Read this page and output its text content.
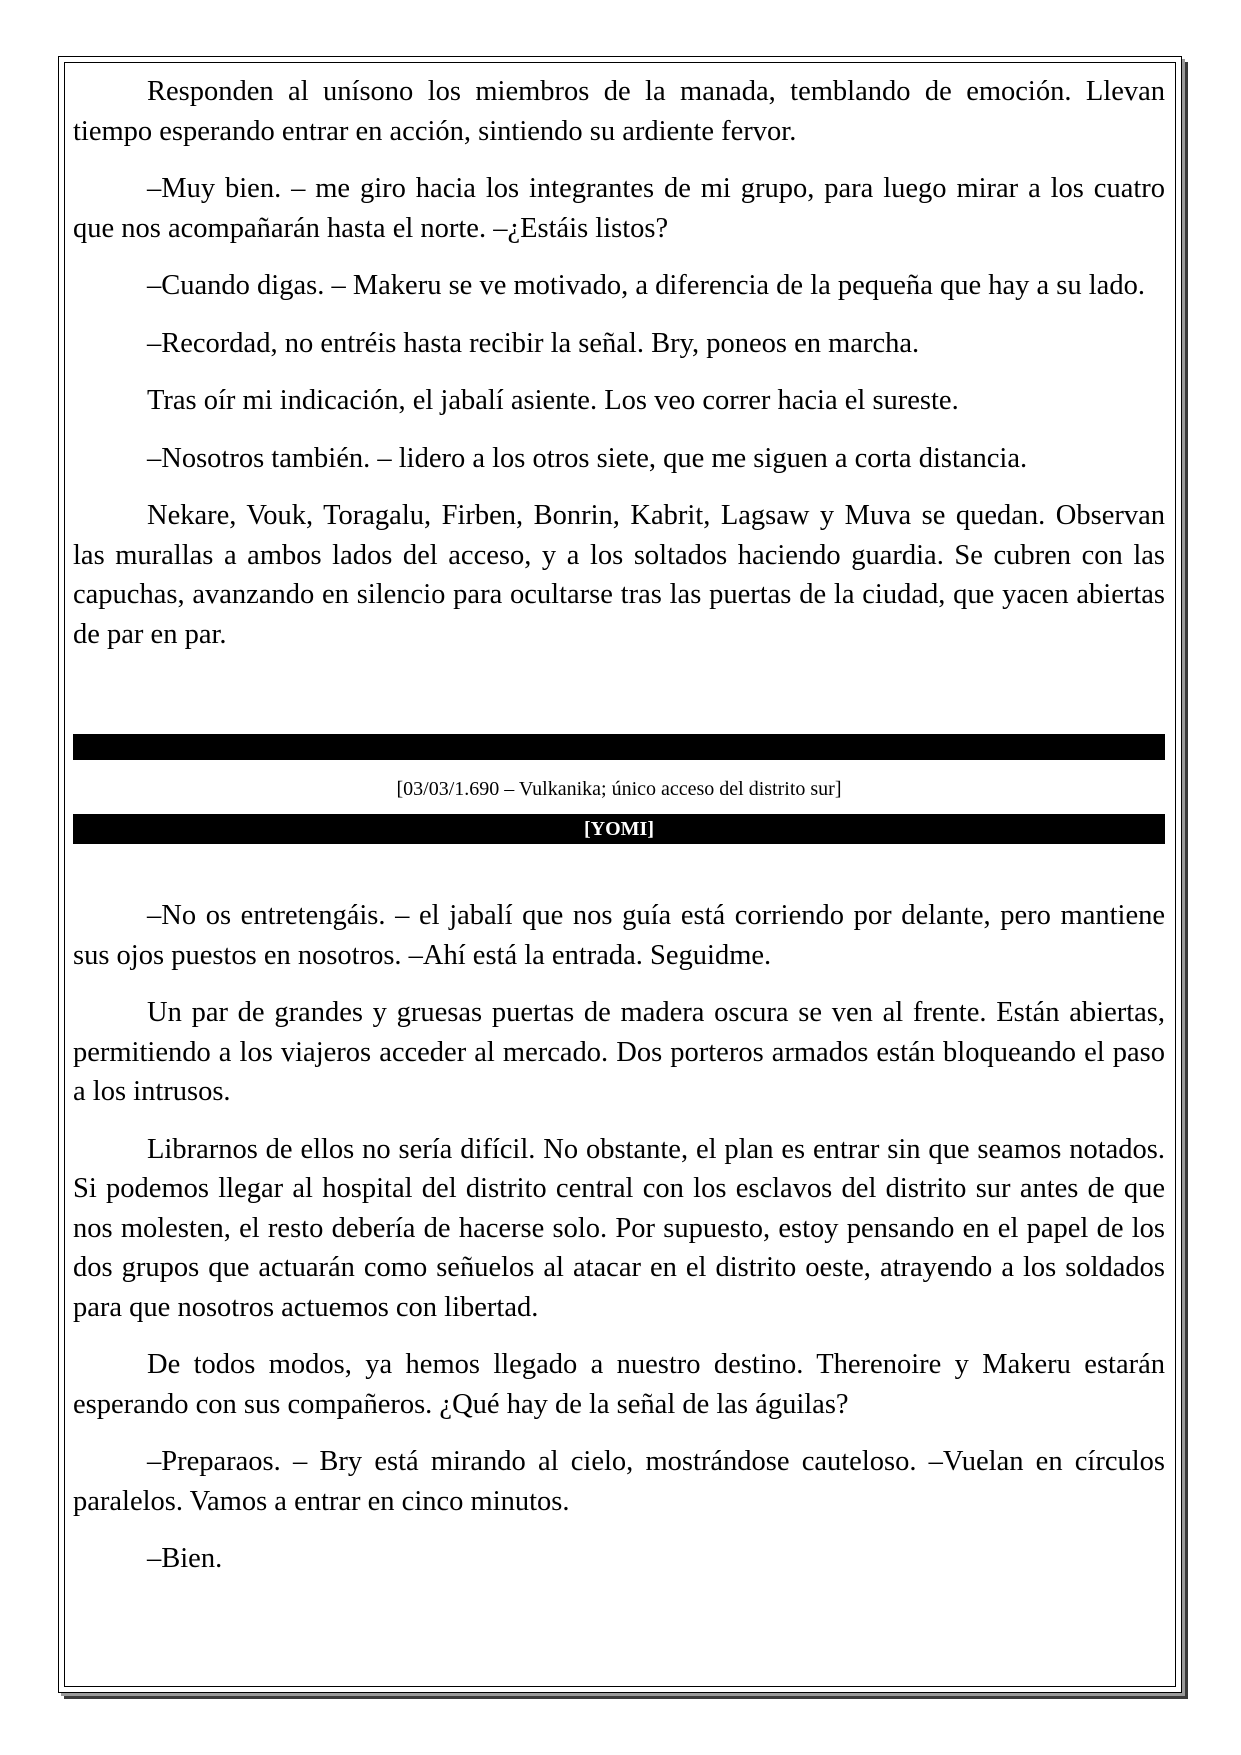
Responden al unísono los miembros de la manada, temblando de emoción. Llevan tiempo esperando entrar en acción, sintiendo su ardiente fervor.

–Muy bien. – me giro hacia los integrantes de mi grupo, para luego mirar a los cuatro que nos acompañarán hasta el norte. –¿Estáis listos?

–Cuando digas. – Makeru se ve motivado, a diferencia de la pequeña que hay a su lado.

–Recordad, no entréis hasta recibir la señal. Bry, poneos en marcha.

Tras oír mi indicación, el jabalí asiente. Los veo correr hacia el sureste.

–Nosotros también. – lidero a los otros siete, que me siguen a corta distancia.

Nekare, Vouk, Toragalu, Firben, Bonrin, Kabrit, Lagsaw y Muva se quedan. Observan las murallas a ambos lados del acceso, y a los soltados haciendo guardia. Se cubren con las capuchas, avanzando en silencio para ocultarse tras las puertas de la ciudad, que yacen abiertas de par en par.

[03/03/1.690 – Vulkanika; único acceso del distrito sur]
[YOMI]

–No os entretengáis. – el jabalí que nos guía está corriendo por delante, pero mantiene sus ojos puestos en nosotros. –Ahí está la entrada. Seguidme.

Un par de grandes y gruesas puertas de madera oscura se ven al frente. Están abiertas, permitiendo a los viajeros acceder al mercado. Dos porteros armados están bloqueando el paso a los intrusos.

Librarnos de ellos no sería difícil. No obstante, el plan es entrar sin que seamos notados. Si podemos llegar al hospital del distrito central con los esclavos del distrito sur antes de que nos molesten, el resto debería de hacerse solo. Por supuesto, estoy pensando en el papel de los dos grupos que actuarán como señuelos al atacar en el distrito oeste, atrayendo a los soldados para que nosotros actuemos con libertad.

De todos modos, ya hemos llegado a nuestro destino. Therenoire y Makeru estarán esperando con sus compañeros. ¿Qué hay de la señal de las águilas?

–Preparaos. – Bry está mirando al cielo, mostrándose cauteloso. –Vuelan en círculos paralelos. Vamos a entrar en cinco minutos.

–Bien.
